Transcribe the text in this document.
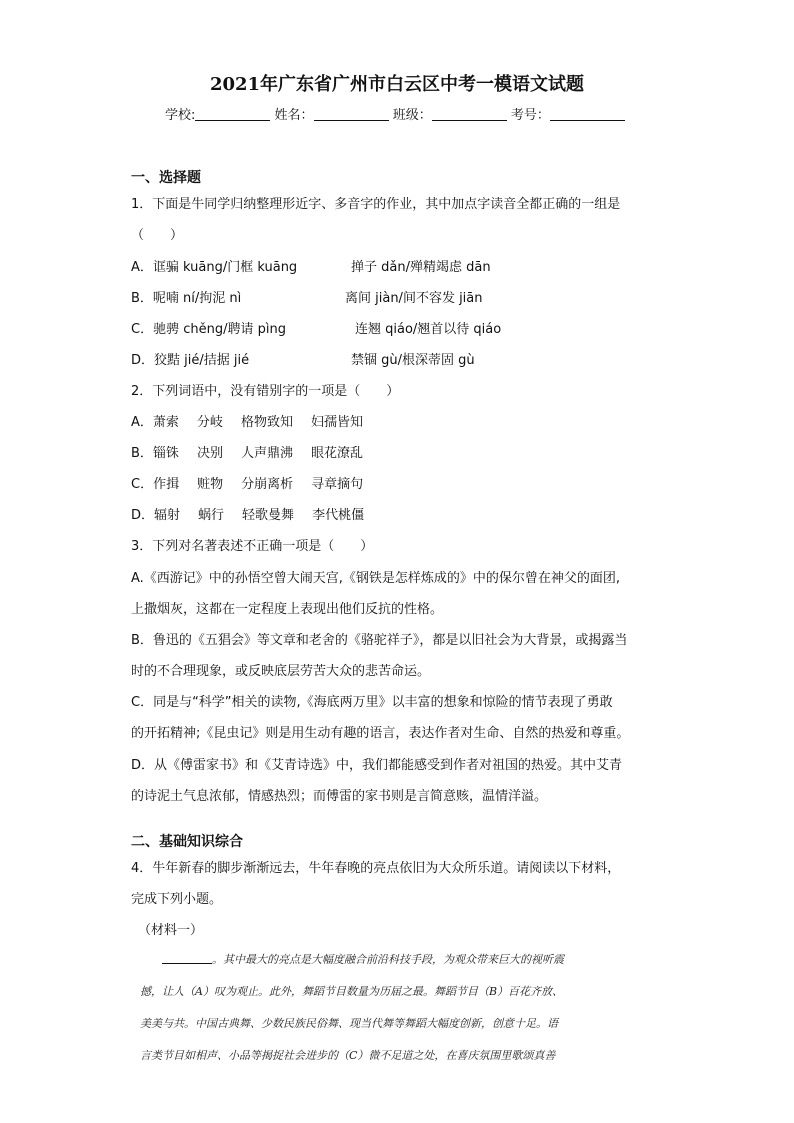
2021年广东省广州市白云区中考一模语文试题
学校:	姓名：	班级：	考号：
一、选择题
1．下面是牛同学归纳整理形近字、多音字的作业，其中加点字读音全都正确的一组是
（　　）
A．诓骗 kuāng/门框 kuāng	掸子 dǎn/殚精竭虑 dān
B．呢喃 ní/拘泥 nì	离间 jiàn/间不容发 jiān
C．驰骋 chěng/聘请 pìng	连翘 qiáo/翘首以待 qiáo
D．狡黠 jié/拮据 jié	禁锢 gù/根深蒂固 gù
2．下列词语中，没有错别字的一项是（　　）
A．萧索 分岐 格物致知 妇孺皆知
B．锱铢 决别 人声鼎沸 眼花潦乱
C．作揖 赃物 分崩离析 寻章摘句
D．辐射 蜗行 轻歌曼舞 李代桃僵
3．下列对名著表述不正确一项是（　　）
A.《西游记》中的孙悟空曾大闹天宫,《钢铁是怎样炼成的》中的保尔曾在神父的面团,
上撒烟灰，这都在一定程度上表现出他们反抗的性格。
B．鲁迅的《五猖会》等文章和老舍的《骆驼祥子》，都是以旧社会为大背景，或揭露当
时的不合理现象，或反映底层劳苦大众的悲苦命运。
C．同是与“科学”相关的读物,《海底两万里》以丰富的想象和惊险的情节表现了勇敢
的开拓精神;《昆虫记》则是用生动有趣的语言，表达作者对生命、自然的热爱和尊重。
D．从《傅雷家书》和《艾青诗选》中，我们都能感受到作者对祖国的热爱。其中艾青
的诗泥土气息浓郁，情感热烈；而傅雷的家书则是言简意赅，温情洋溢。
二、基础知识综合
4．牛年新春的脚步渐渐远去，牛年春晚的亮点依旧为大众所乐道。请阅读以下材料，
完成下列小题。
（材料一）
。其中最大的亮点是大幅度融合前沿科技手段，为观众带来巨大的视听震
撼，让人（A）叹为观止。此外，舞蹈节目数量为历届之最。舞蹈节目（B）百花齐放、
美美与共。中国古典舞、少数民族民俗舞、现当代舞等舞蹈大幅度创新，创意十足。语
言类节目如相声、小品等揭捉社会进步的（C）微不足道之处，在喜庆氛围里歌颂真善
